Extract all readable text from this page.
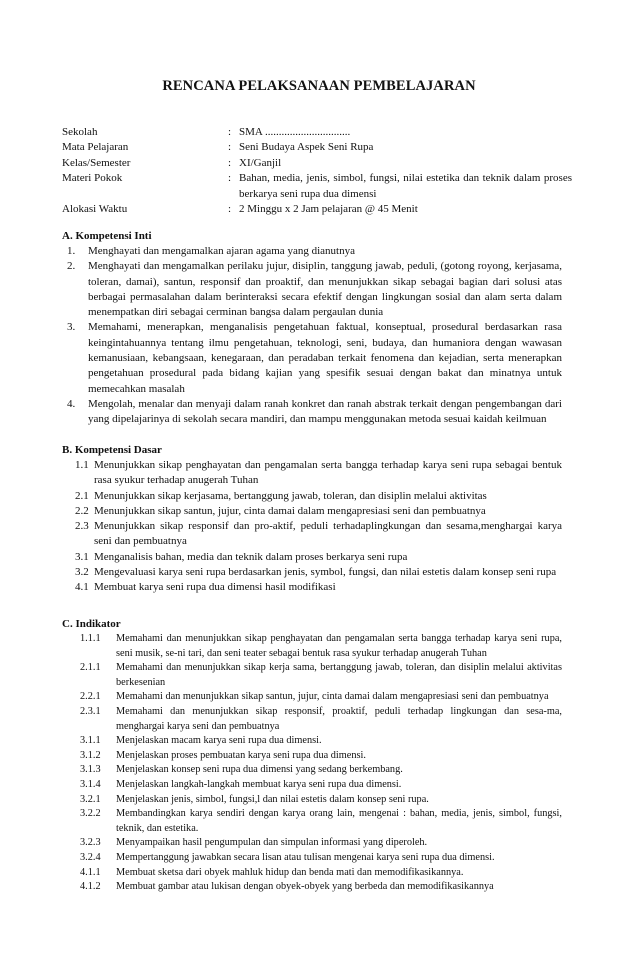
RENCANA PELAKSANAAN PEMBELAJARAN
Sekolah	: SMA ...............................
Mata Pelajaran	: Seni Budaya Aspek Seni Rupa
Kelas/Semester	: XI/Ganjil
Materi Pokok	: Bahan, media, jenis, simbol, fungsi, nilai estetika dan teknik dalam proses berkarya seni rupa dua dimensi
Alokasi Waktu	: 2 Minggu x 2 Jam pelajaran @ 45 Menit
A. Kompetensi Inti
1.	Menghayati dan mengamalkan ajaran agama yang dianutnya
2.	Menghayati dan mengamalkan perilaku jujur, disiplin, tanggung jawab, peduli, (gotong royong, kerjasama, toleran, damai), santun, responsif dan proaktif, dan menunjukkan sikap sebagai bagian dari solusi atas berbagai permasalahan dalam berinteraksi secara efektif dengan lingkungan sosial dan alam serta dalam menempatkan diri sebagai cerminan bangsa dalam pergaulan dunia
3.	Memahami, menerapkan, menganalisis pengetahuan faktual, konseptual, prosedural berdasarkan rasa keingintahuannya tentang ilmu pengetahuan, teknologi, seni, budaya, dan humaniora dengan wawasan kemanusiaan, kebangsaan, kenegaraan, dan peradaban terkait fenomena dan kejadian, serta menerapkan pengetahuan prosedural pada bidang kajian yang spesifik sesuai dengan bakat dan minatnya untuk memecahkan masalah
4.	Mengolah, menalar dan menyaji dalam ranah konkret dan ranah abstrak terkait dengan pengembangan dari yang dipelajarinya di sekolah secara mandiri, dan mampu menggunakan metoda sesuai kaidah keilmuan
B. Kompetensi Dasar
1.1 Menunjukkan sikap penghayatan dan pengamalan serta bangga terhadap karya seni rupa sebagai bentuk rasa syukur terhadap anugerah Tuhan
2.1 Menunjukkan sikap kerjasama, bertanggung jawab, toleran, dan disiplin melalui aktivitas
2.2 Menunjukkan sikap santun, jujur, cinta damai dalam mengapresiasi seni dan pembuatnya
2.3 Menunjukkan sikap responsif dan pro-aktif, peduli terhadaplingkungan dan sesama,menghargai karya seni dan pembuatnya
3.1 Menganalisis bahan, media dan teknik dalam proses berkarya seni rupa
3.2 Mengevaluasi karya seni rupa berdasarkan jenis, symbol, fungsi, dan nilai estetis dalam konsep seni rupa
4.1 Membuat karya seni rupa dua dimensi hasil modifikasi
C. Indikator
1.1.1	Memahami dan menunjukkan sikap penghayatan dan pengamalan serta bangga terhadap karya seni rupa, seni musik, se-ni tari, dan seni teater sebagai bentuk rasa syukur terhadap anugerah Tuhan
2.1.1	Memahami dan menunjukkan sikap kerja sama, bertanggung jawab, toleran, dan disiplin melalui aktivitas berkesenian
2.2.1	Memahami dan menunjukkan sikap santun, jujur, cinta damai dalam mengapresiasi seni dan pembuatnya
2.3.1	Memahami dan menunjukkan sikap responsif, proaktif, peduli terhadap lingkungan dan sesa-ma, menghargai karya seni dan pembuatnya
3.1.1	Menjelaskan macam karya seni rupa dua dimensi.
3.1.2	Menjelaskan proses pembuatan karya seni rupa dua dimensi.
3.1.3	Menjelaskan konsep seni rupa dua dimensi yang sedang berkembang.
3.1.4	Menjelaskan langkah-langkah membuat karya seni rupa dua dimensi.
3.2.1	Menjelaskan jenis, simbol, fungsi,l dan nilai estetis dalam konsep seni rupa.
3.2.2	Membandingkan karya sendiri dengan karya orang lain, mengenai : bahan, media, jenis, simbol, fungsi, teknik, dan estetika.
3.2.3	Menyampaikan hasil pengumpulan dan simpulan informasi yang diperoleh.
3.2.4	Mempertanggung jawabkan secara lisan atau tulisan mengenai karya seni rupa dua dimensi.
4.1.1	Membuat sketsa dari obyek mahluk hidup dan benda mati dan memodifikasikannya.
4.1.2	Membuat gambar atau lukisan dengan obyek-obyek yang berbeda dan memodifikasikannya
